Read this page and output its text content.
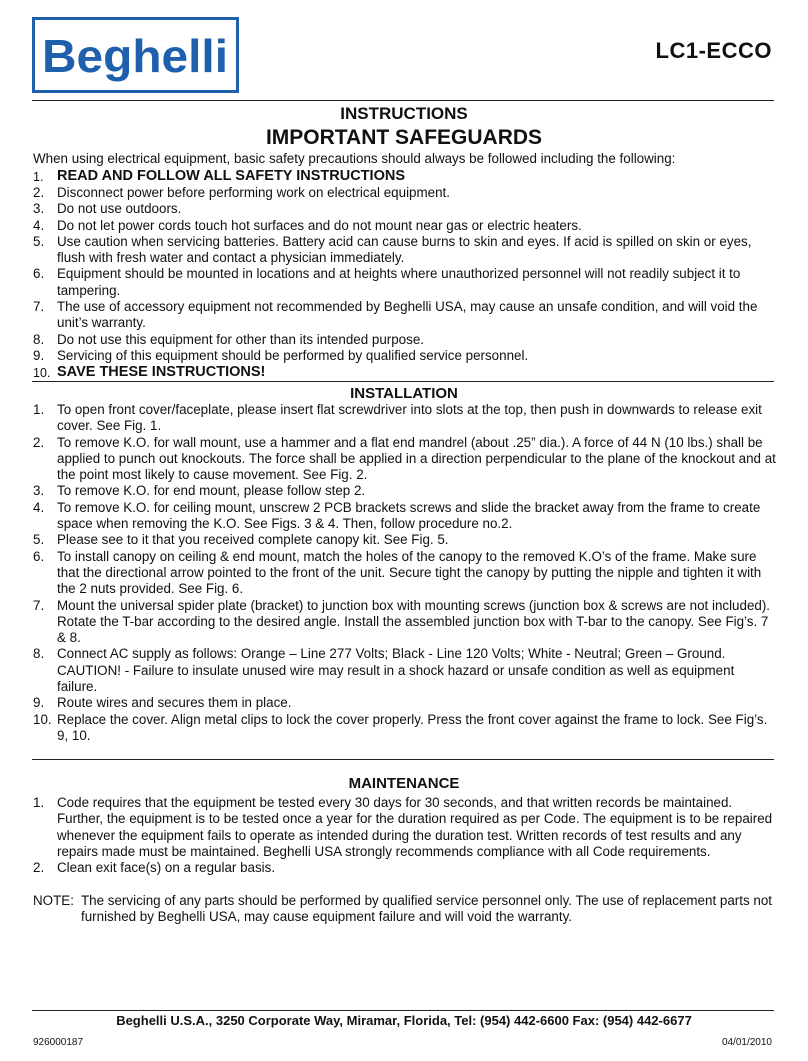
Beghelli	LC1-ECCO
INSTRUCTIONS
IMPORTANT SAFEGUARDS
When using electrical equipment, basic safety precautions should always be followed including the following:
1. READ AND FOLLOW ALL SAFETY INSTRUCTIONS
2. Disconnect power before performing work on electrical equipment.
3. Do not use outdoors.
4. Do not let power cords touch hot surfaces and do not mount near gas or electric heaters.
5. Use caution when servicing batteries. Battery acid can cause burns to skin and eyes. If acid is spilled on skin or eyes, flush with fresh water and contact a physician immediately.
6. Equipment should be mounted in locations and at heights where unauthorized personnel will not readily subject it to tampering.
7. The use of accessory equipment not recommended by Beghelli USA, may cause an unsafe condition, and will void the unit’s warranty.
8. Do not use this equipment for other than its intended purpose.
9. Servicing of this equipment should be performed by qualified service personnel.
10. SAVE THESE INSTRUCTIONS!
INSTALLATION
1. To open front cover/faceplate, please insert flat screwdriver into slots at the top, then push in downwards to release exit cover. See Fig. 1.
2. To remove K.O. for wall mount, use a hammer and a flat end mandrel (about .25” dia.). A force of 44 N (10 lbs.) shall be applied to punch out knockouts. The force shall be applied in a direction perpendicular to the plane of the knockout and at the point most likely to cause movement. See Fig. 2.
3. To remove K.O. for end mount, please follow step 2.
4. To remove K.O. for ceiling mount, unscrew 2 PCB brackets screws and slide the bracket away from the frame to create space when removing the K.O. See Figs. 3 & 4. Then, follow procedure no.2.
5. Please see to it that you received complete canopy kit. See Fig. 5.
6. To install canopy on ceiling & end mount, match the holes of the canopy to the removed K.O’s of the frame. Make sure that the directional arrow pointed to the front of the unit. Secure tight the canopy by putting the nipple and tighten it with the 2 nuts provided. See Fig. 6.
7. Mount the universal spider plate (bracket) to junction box with mounting screws (junction box & screws are not included). Rotate the T-bar according to the desired angle. Install the assembled junction box with T-bar to the canopy. See Fig’s. 7 & 8.
8. Connect AC supply as follows: Orange – Line 277 Volts; Black - Line 120 Volts; White - Neutral; Green – Ground. CAUTION! - Failure to insulate unused wire may result in a shock hazard or unsafe condition as well as equipment failure.
9. Route wires and secures them in place.
10. Replace the cover. Align metal clips to lock the cover properly. Press the front cover against the frame to lock. See Fig’s. 9, 10.
MAINTENANCE
1. Code requires that the equipment be tested every 30 days for 30 seconds, and that written records be maintained. Further, the equipment is to be tested once a year for the duration required as per Code. The equipment is to be repaired whenever the equipment fails to operate as intended during the duration test. Written records of test results and any repairs made must be maintained. Beghelli USA strongly recommends compliance with all Code requirements.
2. Clean exit face(s) on a regular basis.
NOTE: The servicing of any parts should be performed by qualified service personnel only. The use of replacement parts not furnished by Beghelli USA, may cause equipment failure and will void the warranty.
Beghelli U.S.A., 3250 Corporate Way, Miramar, Florida, Tel: (954) 442-6600 Fax: (954) 442-6677
926000187	04/01/2010
